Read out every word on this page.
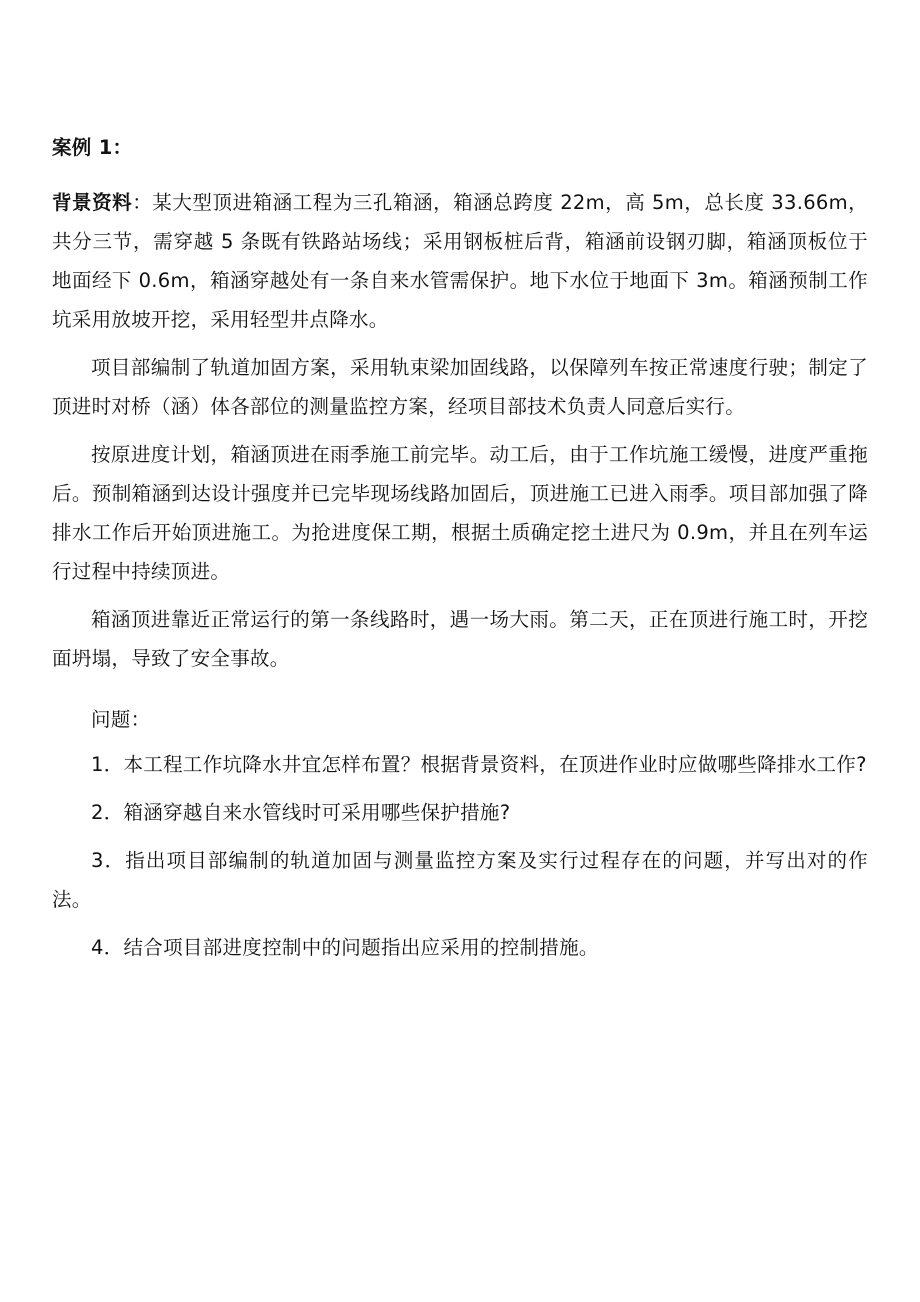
案例 1：

背景资料：某大型顶进箱涵工程为三孔箱涵，箱涵总跨度 22m，高 5m，总长度 33.66m，共分三节，需穿越 5 条既有铁路站场线；采用钢板桩后背，箱涵前设钢刃脚，箱涵顶板位于地面经下 0.6m，箱涵穿越处有一条自来水管需保护。地下水位于地面下 3m。箱涵预制工作坑采用放坡开挖，采用轻型井点降水。

项目部编制了轨道加固方案，采用轨束梁加固线路，以保障列车按正常速度行驶；制定了顶进时对桥（涵）体各部位的测量监控方案，经项目部技术负责人同意后实行。

按原进度计划，箱涵顶进在雨季施工前完毕。动工后，由于工作坑施工缓慢，进度严重拖后。预制箱涵到达设计强度并已完毕现场线路加固后，顶进施工已进入雨季。项目部加强了降排水工作后开始顶进施工。为抢进度保工期，根据土质确定挖土进尺为 0.9m，并且在列车运行过程中持续顶进。

箱涵顶进靠近正常运行的第一条线路时，遇一场大雨。第二天，正在顶进行施工时，开挖面坍塌，导致了安全事故。

问题：

1．本工程工作坑降水井宜怎样布置？根据背景资料，在顶进作业时应做哪些降排水工作?

2．箱涵穿越自来水管线时可采用哪些保护措施?

3．指出项目部编制的轨道加固与测量监控方案及实行过程存在的问题，并写出对的作法。

4．结合项目部进度控制中的问题指出应采用的控制措施。
